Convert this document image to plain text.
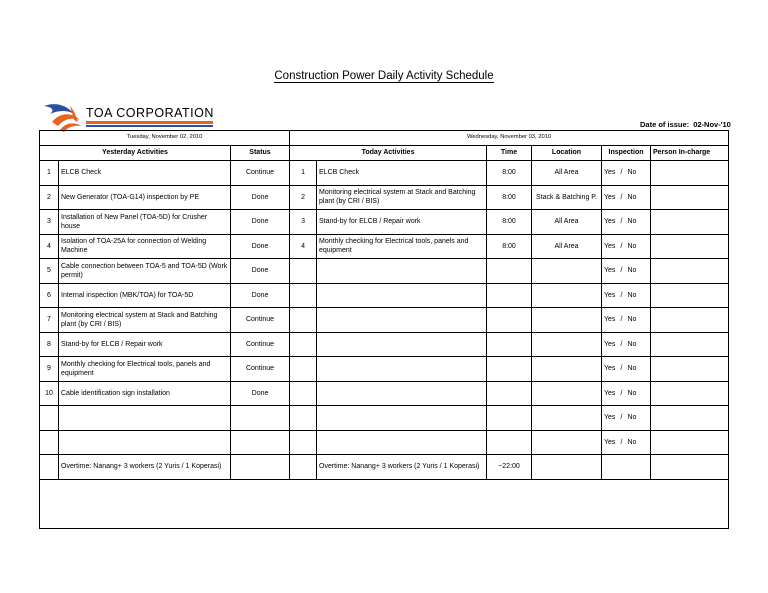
Construction Power Daily Activity Schedule
TOA CORPORATION
Date of issue: 02-Nov-'10
Tuesday, November 02, 2010			Wednesday, November 03, 2010					
Yesterday Activities		Status	Today Activities		Time	Location	Inspection	Person In-charge
1	ELCB Check	Continue	1	ELCB Check	8:00	All Area	Yes / No	
2	New Generator (TOA-G14) inspection by PE	Done	2	Monitoring electrical system at Stack and Batching plant (by CRI / BIS)	8:00	Stack & Batching P.	Yes / No	
3	Installation of New Panel (TOA-5D) for Crusher house	Done	3	Stand-by for ELCB / Repair work	8:00	All Area	Yes / No	
4	Isolation of TOA-25A for connection of Welding Machine	Done	4	Monthly checking for Electrical tools, panels and equipment	8:00	All Area	Yes / No	
5	Cable connection between TOA-5 and TOA-5D (Work permit)	Done					Yes / No	
6	Internal inspection (MBK/TOA) for TOA-5D	Done					Yes / No	
7	Monitoring electrical system at Stack and Batching plant (by CRI / BIS)	Continue					Yes / No	
8	Stand-by for ELCB / Repair work	Continue					Yes / No	
9	Monthly checking for Electrical tools, panels and equipment	Continue					Yes / No	
10	Cable identification sign installation	Done					Yes / No	
							Yes / No	
							Yes / No	
	Overtime: Nanang+ 3 workers (2 Yuris / 1 Koperasi)			Overtime: Nanang+ 3 workers (2 Yuris / 1 Koperasi)	~22:00			
